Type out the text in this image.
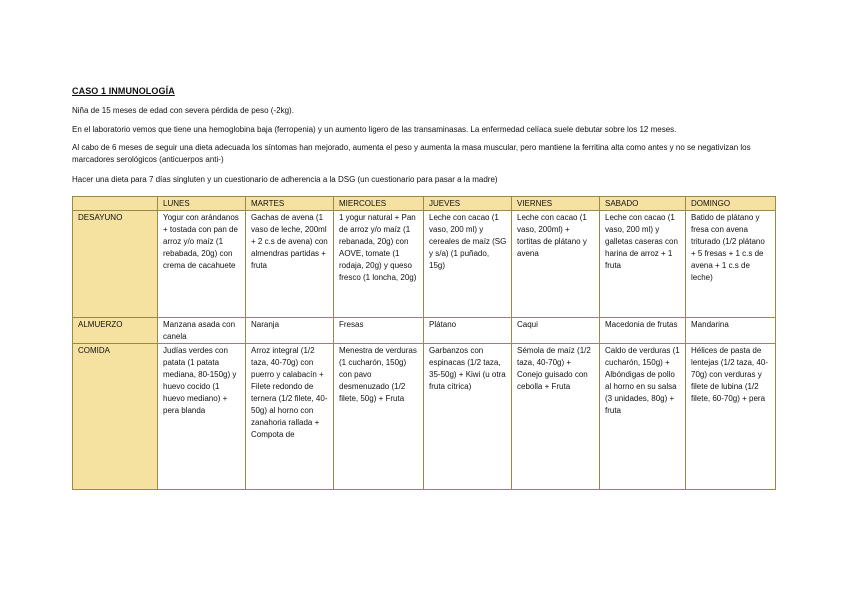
CASO 1 INMUNOLOGÍA

Niña de 15 meses de edad con severa pérdida de peso (-2kg).

En el laboratorio vemos que tiene una hemoglobina baja (ferropenia) y un aumento ligero de las transaminasas. La enfermedad celíaca suele debutar sobre los 12 meses.

Al cabo de 6 meses de seguir una dieta adecuada los síntomas han mejorado, aumenta el peso y aumenta la masa muscular, pero mantiene la ferritina alta como antes y no se negativizan los marcadores serológicos (anticuerpos anti-)

Hacer una dieta para 7 días singluten y un cuestionario de adherencia a la DSG (un cuestionario para pasar a la madre)

	LUNES	MARTES	MIERCOLES	JUEVES	VIERNES	SABADO	DOMINGO
DESAYUNO	Yogur con arándanos + tostada con pan de arroz y/o maíz (1 rebabada, 20g) con crema de cacahuete	Gachas de avena (1 vaso de leche, 200ml + 2 c.s de avena) con almendras partidas + fruta	1 yogur natural + Pan de arroz y/o maíz (1 rebanada, 20g) con AOVE, tomate (1 rodaja, 20g) y queso fresco (1 loncha, 20g)	Leche con cacao (1 vaso, 200 ml) y cereales de maíz (SG y s/a) (1 puñado, 15g)	Leche con cacao (1 vaso, 200ml) + tortitas de plátano y avena	Leche con cacao (1 vaso, 200 ml) y galletas caseras con harina de arroz + 1 fruta	Batido de plátano y fresa con avena triturado (1/2 plátano + 5 fresas + 1 c.s de avena + 1 c.s de leche)
ALMUERZO	Manzana asada con canela	Naranja	Fresas	Plátano	Caqui	Macedonia de frutas	Mandarina
COMIDA	Judías verdes con patata (1 patata mediana, 80-150g) y huevo cocido (1 huevo mediano) + pera blanda	Arroz integral (1/2 taza, 40-70g) con puerro y calabacín + Filete redondo de ternera (1/2 filete, 40-50g) al horno con zanahoria rallada + Compota de	Menestra de verduras (1 cucharón, 150g) con pavo desmenuzado (1/2 filete, 50g) + Fruta	Garbanzos con espinacas (1/2 taza, 35-50g) + Kiwi (u otra fruta cítrica)	Sémola de maíz (1/2 taza, 40-70g) + Conejo guisado con cebolla + Fruta	Caldo de verduras (1 cucharón, 150g) + Albóndigas de pollo al horno en su salsa (3 unidades, 80g) + fruta	Hélices de pasta de lentejas (1/2 taza, 40-70g) con verduras y filete de lubina (1/2 filete, 60-70g) + pera
